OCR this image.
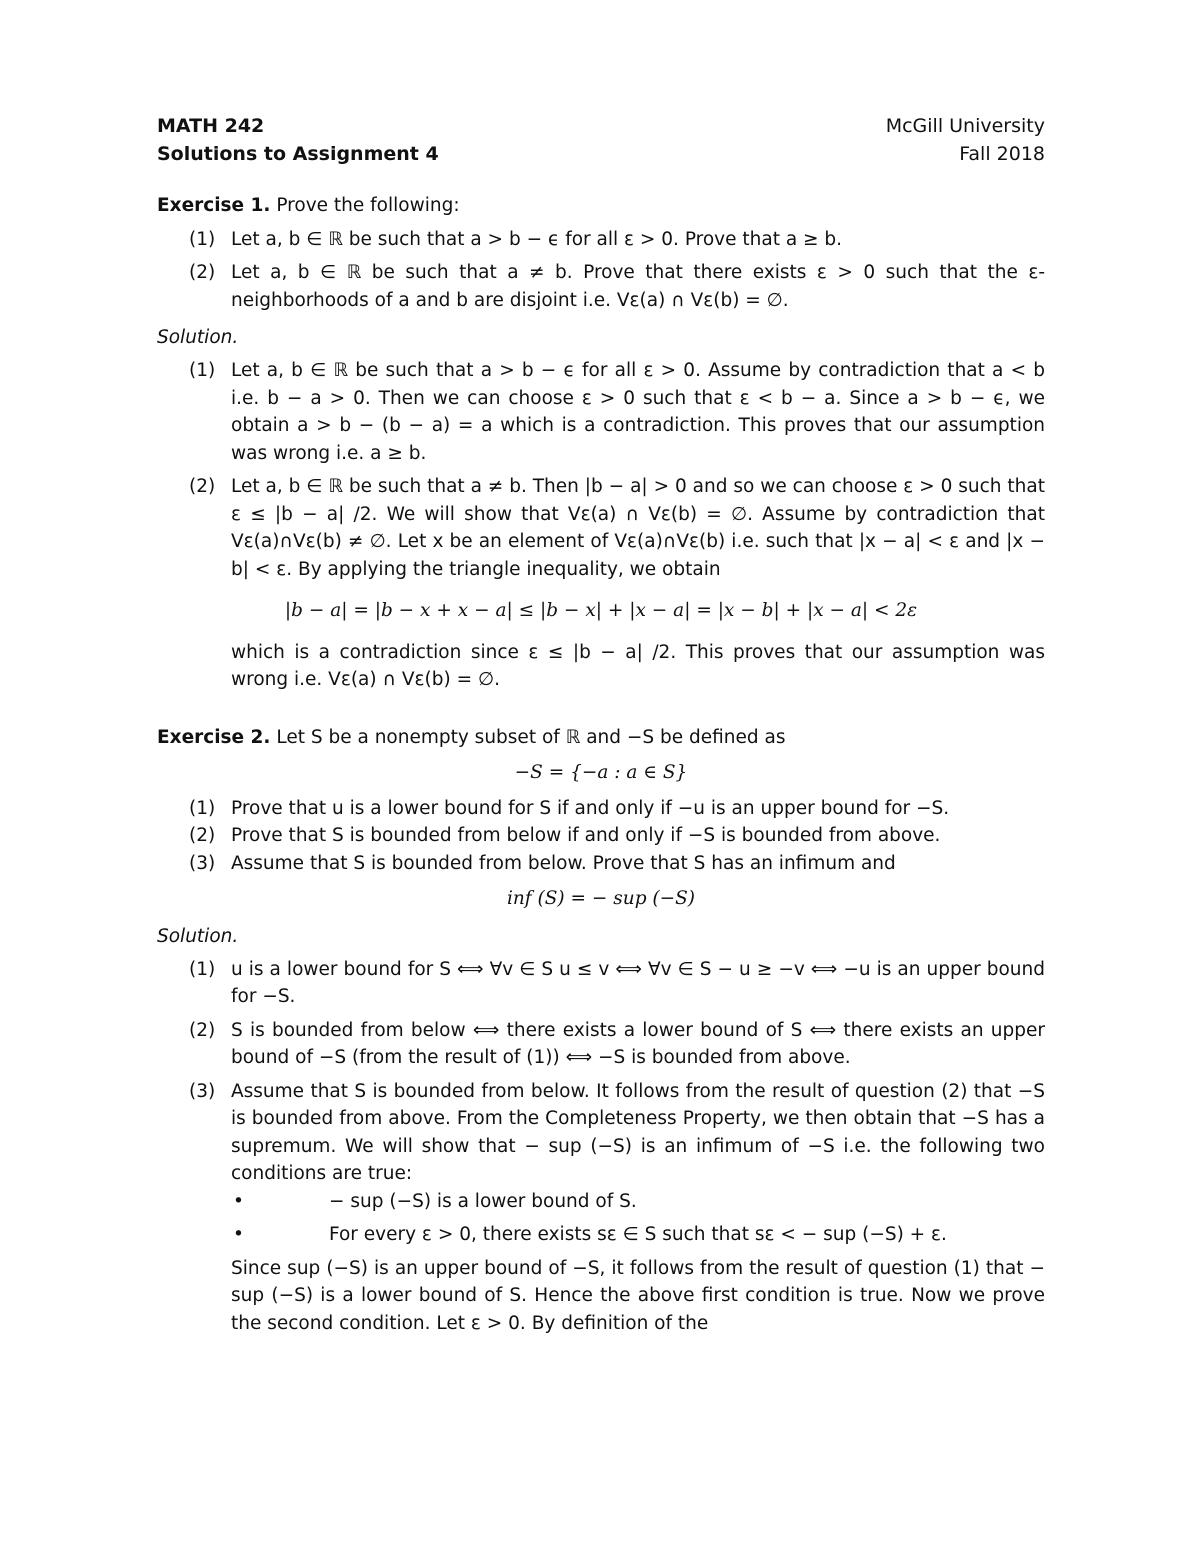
MATH 242	McGill University
Solutions to Assignment 4	Fall 2018
Exercise 1. Prove the following:
(1) Let a, b ∈ ℝ be such that a > b − ϵ for all ε > 0. Prove that a ≥ b.
(2) Let a, b ∈ ℝ be such that a ≠ b. Prove that there exists ε > 0 such that the ε-neighborhoods of a and b are disjoint i.e. Vε(a) ∩ Vε(b) = ∅.
Solution.
(1) Let a, b ∈ ℝ be such that a > b − ϵ for all ε > 0. Assume by contradiction that a < b i.e. b − a > 0. Then we can choose ε > 0 such that ε < b − a. Since a > b − ϵ, we obtain a > b − (b − a) = a which is a contradiction. This proves that our assumption was wrong i.e. a ≥ b.
(2) Let a, b ∈ ℝ be such that a ≠ b. Then |b − a| > 0 and so we can choose ε > 0 such that ε ≤ |b − a| /2. We will show that Vε(a) ∩ Vε(b) = ∅. Assume by contradiction that Vε(a)∩Vε(b) ≠ ∅. Let x be an element of Vε(a)∩Vε(b) i.e. such that |x − a| < ε and |x − b| < ε. By applying the triangle inequality, we obtain
|b − a| = |b − x + x − a| ≤ |b − x| + |x − a| = |x − b| + |x − a| < 2ε
which is a contradiction since ε ≤ |b − a| /2. This proves that our assumption was wrong i.e. Vε(a) ∩ Vε(b) = ∅.
Exercise 2. Let S be a nonempty subset of ℝ and −S be defined as
−S = {−a : a ∈ S}
(1) Prove that u is a lower bound for S if and only if −u is an upper bound for −S.
(2) Prove that S is bounded from below if and only if −S is bounded from above.
(3) Assume that S is bounded from below. Prove that S has an infimum and
inf (S) = − sup (−S)
Solution.
(1) u is a lower bound for S ⟺ ∀v ∈ S u ≤ v ⟺ ∀v ∈ S − u ≥ −v ⟺ −u is an upper bound for −S.
(2) S is bounded from below ⟺ there exists a lower bound of S ⟺ there exists an upper bound of −S (from the result of (1)) ⟺ −S is bounded from above.
(3) Assume that S is bounded from below. It follows from the result of question (2) that −S is bounded from above. From the Completeness Property, we then obtain that −S has a supremum. We will show that − sup (−S) is an infimum of −S i.e. the following two conditions are true:
• − sup (−S) is a lower bound of S.
• For every ε > 0, there exists sε ∈ S such that sε < − sup (−S) + ε.
Since sup (−S) is an upper bound of −S, it follows from the result of question (1) that − sup (−S) is a lower bound of S. Hence the above first condition is true. Now we prove the second condition. Let ε > 0. By definition of the
